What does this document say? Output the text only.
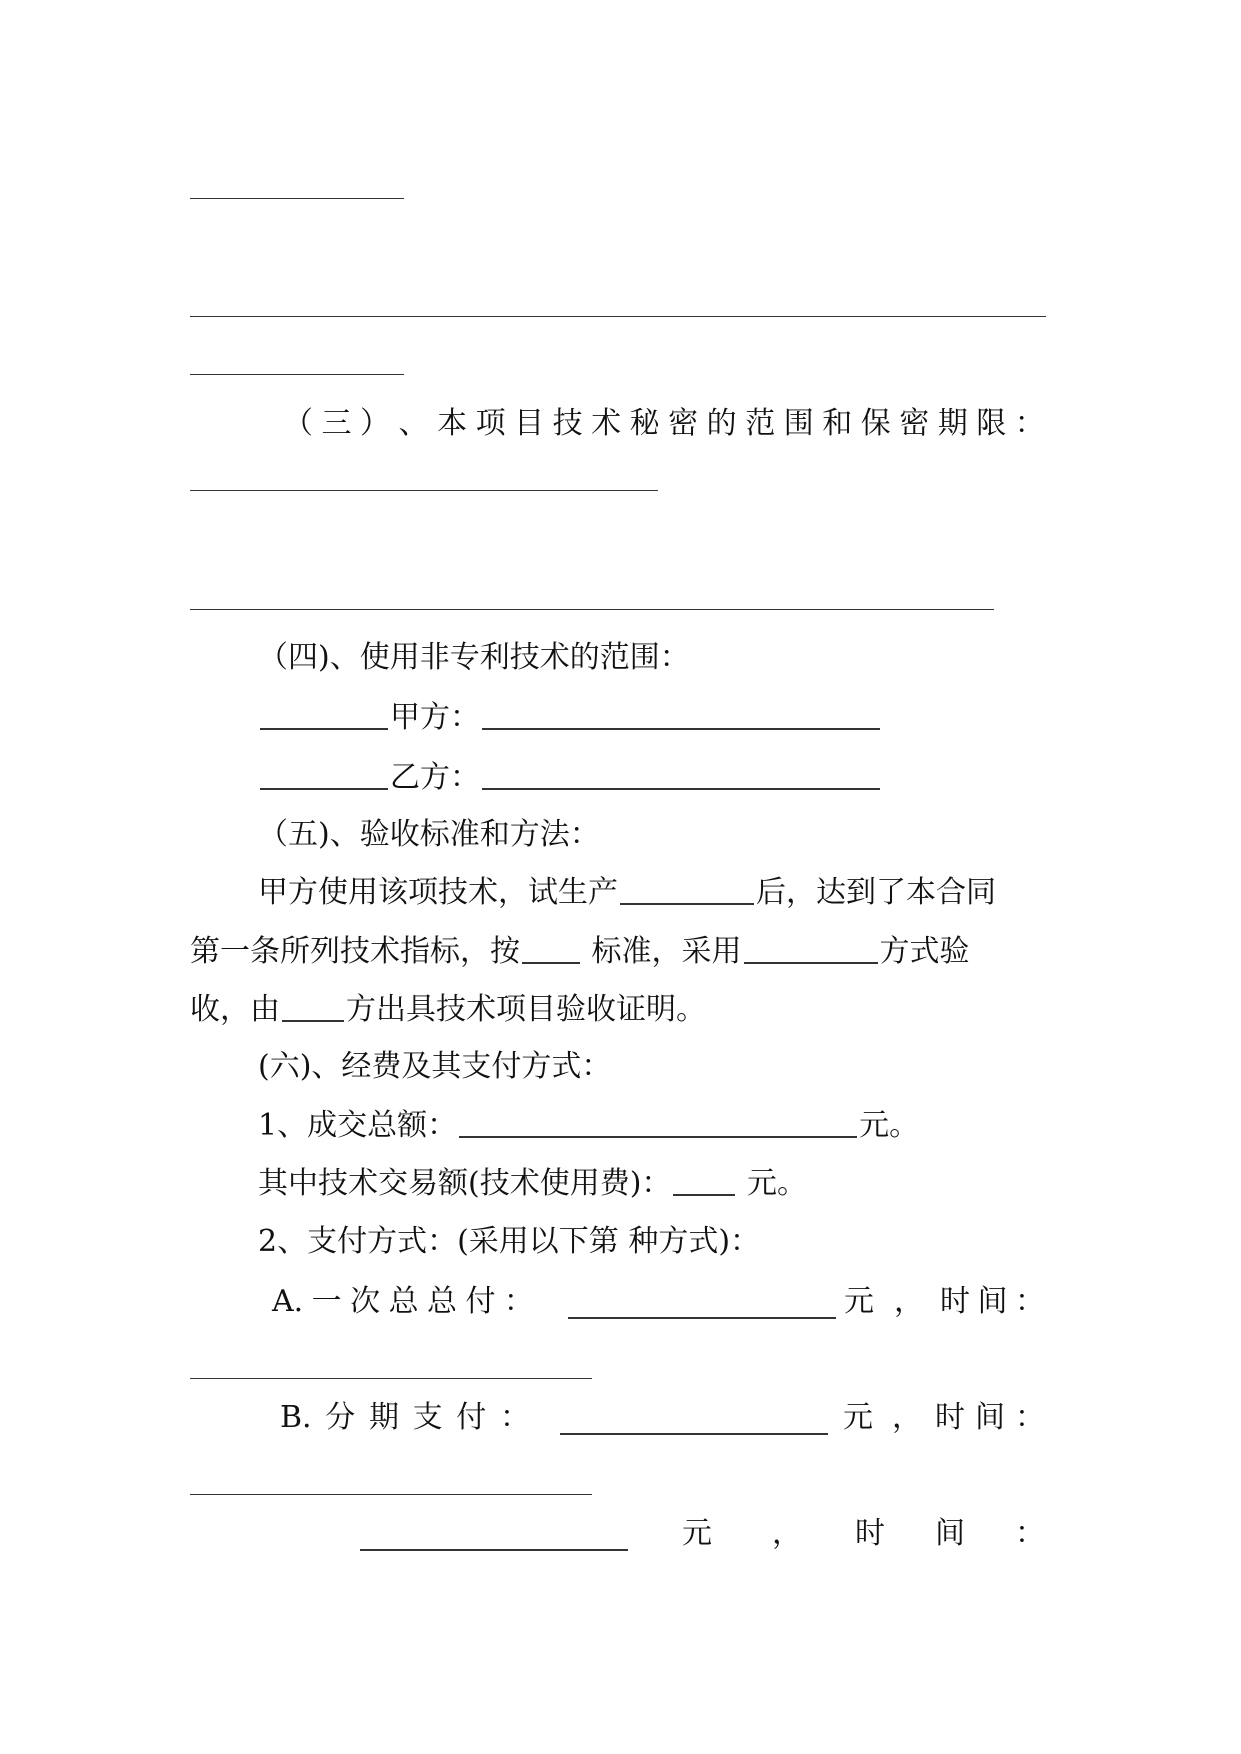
（ 三 ） 、 本 项 目 技 术 秘 密 的 范 围 和 保 密 期 限 ：
（四)、使用非专利技术的范围：
甲方：
乙方：
（五)、验收标准和方法：
甲方使用该项技术，试生产	后，达到了本合同
第一条所列技术指标，按 标准，采用	方式验
收，由 方出具技术项目验收证明。
(六)、经费及其支付方式：
1、成交总额：	元。
其中技术交易额(技术使用费)：	元。
2、支付方式：(采用以下第 种方式)：
A. 一 次 总 总 付 ：	元 ， 时 间 ：
B. 分 期 支 付 ：	元 ， 时 间 ：
元 ， 时 间 ：
